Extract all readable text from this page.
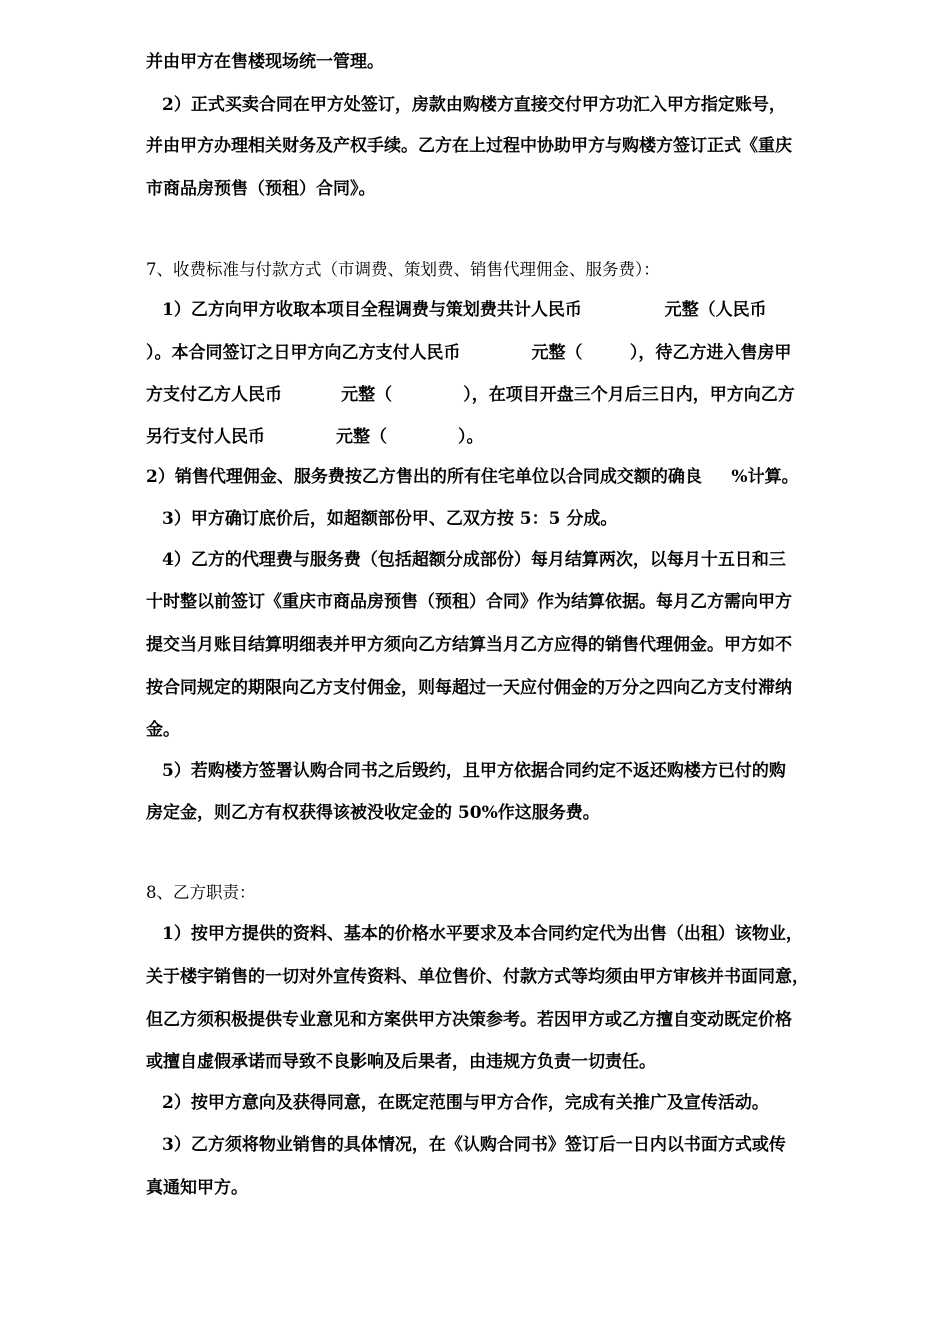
并由甲方在售楼现场统一管理。
2）正式买卖合同在甲方处签订，房款由购楼方直接交付甲方功汇入甲方指定账号，
并由甲方办理相关财务及产权手续。乙方在上过程中协助甲方与购楼方签订正式《重庆
市商品房预售（预租）合同》。
7、收费标准与付款方式（市调费、策划费、销售代理佣金、服务费）：
1）乙方向甲方收取本项目全程调费与策划费共计人民币              元整（人民币
）。本合同签订之日甲方向乙方支付人民币            元整（        ），待乙方进入售房甲
方支付乙方人民币          元整（            ），在项目开盘三个月后三日内，甲方向乙方
另行支付人民币            元整（            ）。
2）销售代理佣金、服务费按乙方售出的所有住宅单位以合同成交额的确良     %计算。
3）甲方确订底价后，如超额部份甲、乙双方按 5：5 分成。
4）乙方的代理费与服务费（包括超额分成部份）每月结算两次，以每月十五日和三
十时整以前签订《重庆市商品房预售（预租）合同》作为结算依据。每月乙方需向甲方
提交当月账目结算明细表并甲方须向乙方结算当月乙方应得的销售代理佣金。甲方如不
按合同规定的期限向乙方支付佣金，则每超过一天应付佣金的万分之四向乙方支付滞纳
金。
5）若购楼方签署认购合同书之后毁约，且甲方依据合同约定不返还购楼方已付的购
房定金，则乙方有权获得该被没收定金的 50%作这服务费。
8、乙方职责：
1）按甲方提供的资料、基本的价格水平要求及本合同约定代为出售（出租）该物业，
关于楼宇销售的一切对外宣传资料、单位售价、付款方式等均须由甲方审核并书面同意，
但乙方须积极提供专业意见和方案供甲方决策参考。若因甲方或乙方擅自变动既定价格
或擅自虚假承诺而导致不良影响及后果者，由违规方负责一切责任。
2）按甲方意向及获得同意，在既定范围与甲方合作，完成有关推广及宣传活动。
3）乙方须将物业销售的具体情况，在《认购合同书》签订后一日内以书面方式或传
真通知甲方。
